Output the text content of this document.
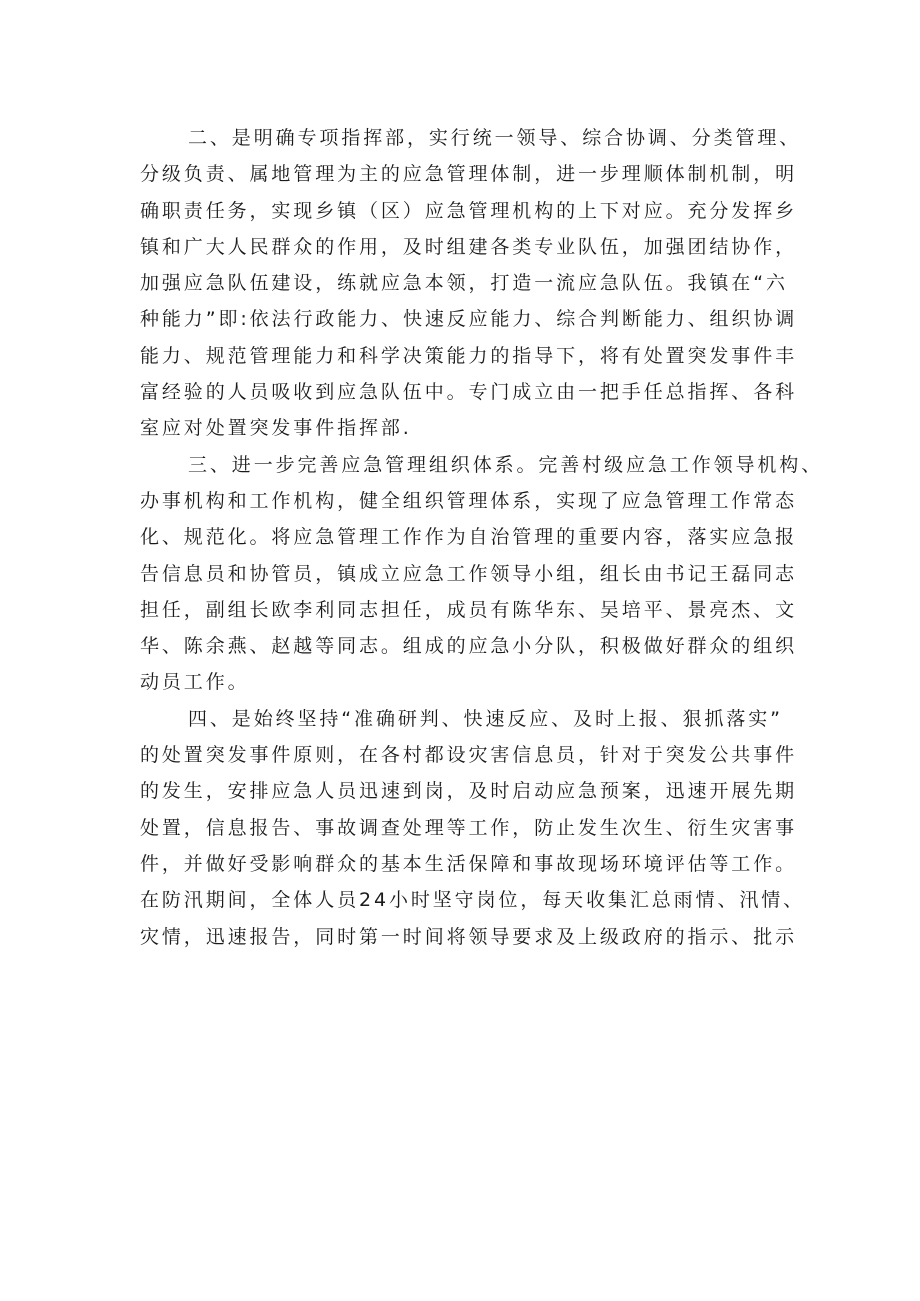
二、是明确专项指挥部，实行统一领导、综合协调、分类管理、
分级负责、属地管理为主的应急管理体制，进一步理顺体制机制，明
确职责任务，实现乡镇（区）应急管理机构的上下对应。充分发挥乡
镇和广大人民群众的作用，及时组建各类专业队伍，加强团结协作，
加强应急队伍建设，练就应急本领，打造一流应急队伍。我镇在“六
种能力”即:依法行政能力、快速反应能力、综合判断能力、组织协调
能力、规范管理能力和科学决策能力的指导下，将有处置突发事件丰
富经验的人员吸收到应急队伍中。专门成立由一把手任总指挥、各科
室应对处置突发事件指挥部.
三、进一步完善应急管理组织体系。完善村级应急工作领导机构、
办事机构和工作机构，健全组织管理体系，实现了应急管理工作常态
化、规范化。将应急管理工作作为自治管理的重要内容，落实应急报
告信息员和协管员，镇成立应急工作领导小组，组长由书记王磊同志
担任，副组长欧李利同志担任，成员有陈华东、吴培平、景亮杰、文
华、陈余燕、赵越等同志。组成的应急小分队，积极做好群众的组织
动员工作。
四、是始终坚持“准确研判、快速反应、及时上报、狠抓落实”
的处置突发事件原则，在各村都设灾害信息员，针对于突发公共事件
的发生，安排应急人员迅速到岗，及时启动应急预案，迅速开展先期
处置，信息报告、事故调查处理等工作，防止发生次生、衍生灾害事
件，并做好受影响群众的基本生活保障和事故现场环境评估等工作。
在防汛期间，全体人员24小时坚守岗位，每天收集汇总雨情、汛情、
灾情，迅速报告，同时第一时间将领导要求及上级政府的指示、批示
